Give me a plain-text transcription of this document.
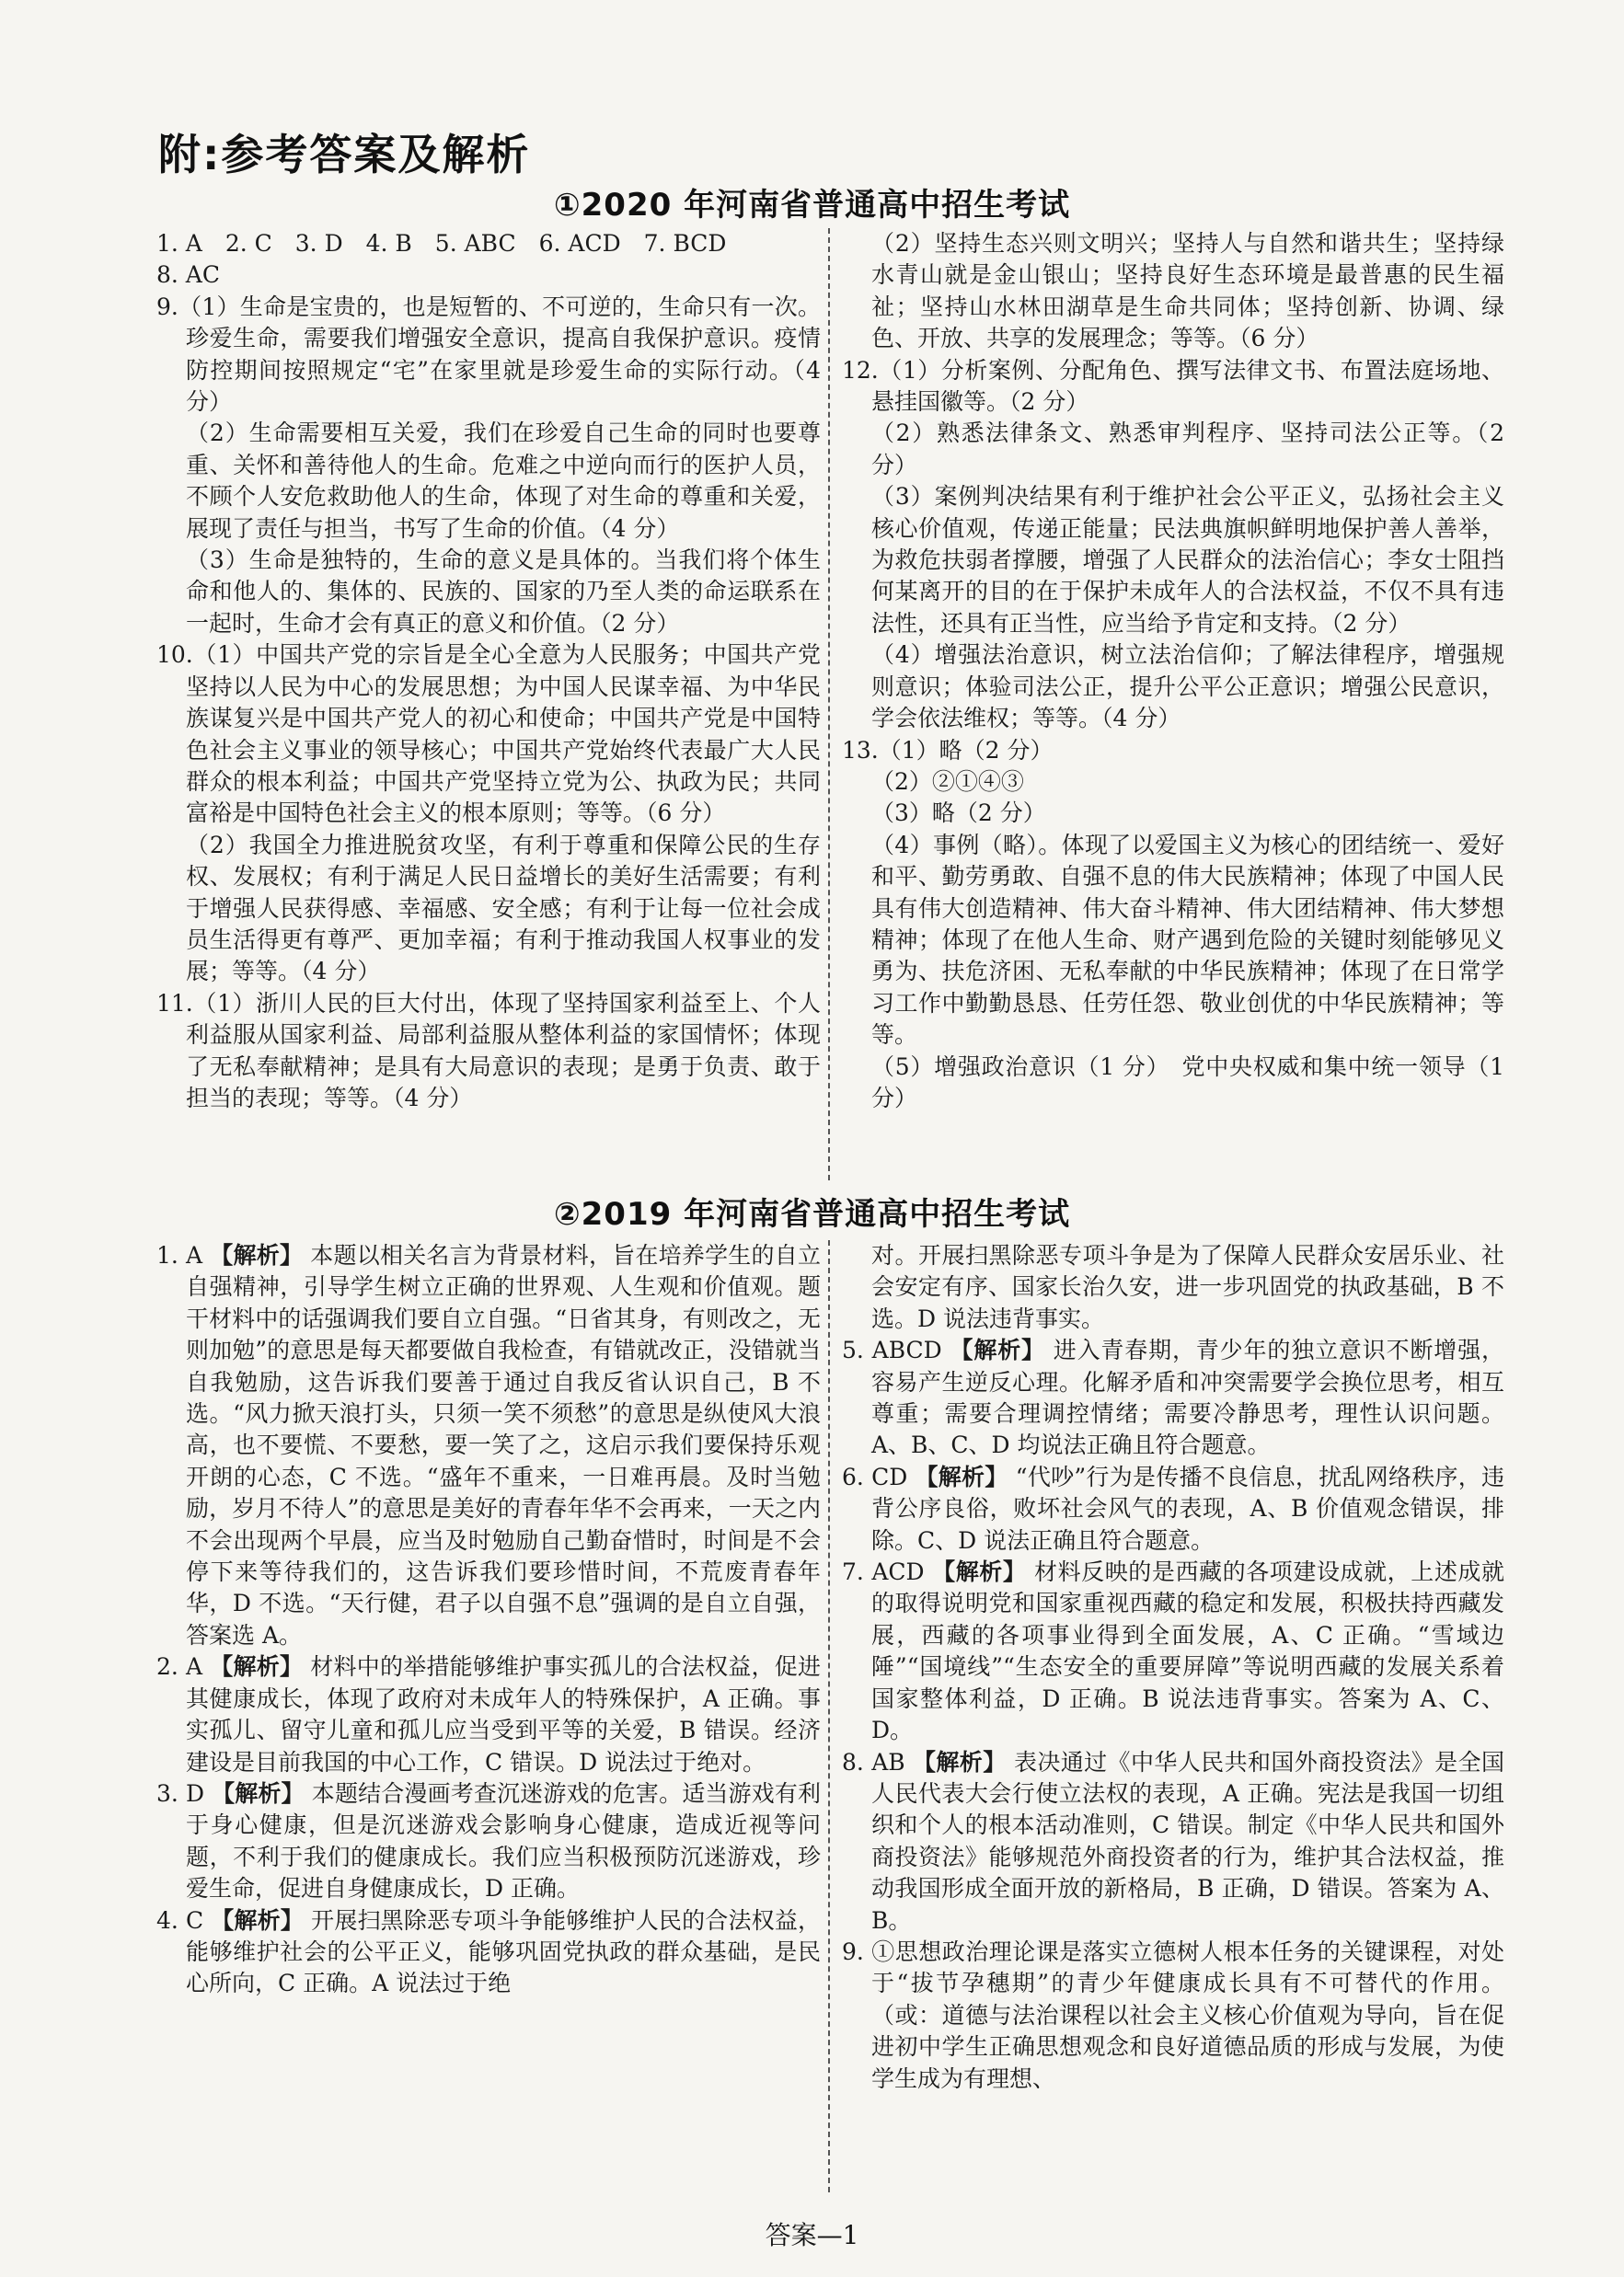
附:参考答案及解析
①2020 年河南省普通高中招生考试

1. A　2. C　3. D　4. B　5. ABC　6. ACD　7. BCD

8. AC

9.（1）生命是宝贵的，也是短暂的、不可逆的，生命只有一次。珍爱生命，需要我们增强安全意识，提高自我保护意识。疫情防控期间按照规定“宅”在家里就是珍爱生命的实际行动。（4 分）

（2）生命需要相互关爱，我们在珍爱自己生命的同时也要尊重、关怀和善待他人的生命。危难之中逆向而行的医护人员，不顾个人安危救助他人的生命，体现了对生命的尊重和关爱，展现了责任与担当，书写了生命的价值。（4 分）

（3）生命是独特的，生命的意义是具体的。当我们将个体生命和他人的、集体的、民族的、国家的乃至人类的命运联系在一起时，生命才会有真正的意义和价值。（2 分）

10.（1）中国共产党的宗旨是全心全意为人民服务；中国共产党坚持以人民为中心的发展思想；为中国人民谋幸福、为中华民族谋复兴是中国共产党人的初心和使命；中国共产党是中国特色社会主义事业的领导核心；中国共产党始终代表最广大人民群众的根本利益；中国共产党坚持立党为公、执政为民；共同富裕是中国特色社会主义的根本原则；等等。（6 分）

（2）我国全力推进脱贫攻坚，有利于尊重和保障公民的生存权、发展权；有利于满足人民日益增长的美好生活需要；有利于增强人民获得感、幸福感、安全感；有利于让每一位社会成员生活得更有尊严、更加幸福；有利于推动我国人权事业的发展；等等。（4 分）

11.（1）浙川人民的巨大付出，体现了坚持国家利益至上、个人利益服从国家利益、局部利益服从整体利益的家国情怀；体现了无私奉献精神；是具有大局意识的表现；是勇于负责、敢于担当的表现；等等。（4 分）

（2）坚持生态兴则文明兴；坚持人与自然和谐共生；坚持绿水青山就是金山银山；坚持良好生态环境是最普惠的民生福祉；坚持山水林田湖草是生命共同体；坚持创新、协调、绿色、开放、共享的发展理念；等等。（6 分）

12.（1）分析案例、分配角色、撰写法律文书、布置法庭场地、悬挂国徽等。（2 分）

（2）熟悉法律条文、熟悉审判程序、坚持司法公正等。（2 分）

（3）案例判决结果有利于维护社会公平正义，弘扬社会主义核心价值观，传递正能量；民法典旗帜鲜明地保护善人善举，为救危扶弱者撑腰，增强了人民群众的法治信心；李女士阻挡何某离开的目的在于保护未成年人的合法权益，不仅不具有违法性，还具有正当性，应当给予肯定和支持。（2 分）

（4）增强法治意识，树立法治信仰；了解法律程序，增强规则意识；体验司法公正，提升公平公正意识；增强公民意识，学会依法维权；等等。（4 分）

13.（1）略（2 分）

（2）②①④③

（3）略（2 分）

（4）事例（略）。体现了以爱国主义为核心的团结统一、爱好和平、勤劳勇敢、自强不息的伟大民族精神；体现了中国人民具有伟大创造精神、伟大奋斗精神、伟大团结精神、伟大梦想精神；体现了在他人生命、财产遇到危险的关键时刻能够见义勇为、扶危济困、无私奉献的中华民族精神；体现了在日常学习工作中勤勤恳恳、任劳任怨、敬业创优的中华民族精神；等等。

（5）增强政治意识（1 分）　党中央权威和集中统一领导（1 分）

②2019 年河南省普通高中招生考试

1. A 【解析】 本题以相关名言为背景材料，旨在培养学生的自立自强精神，引导学生树立正确的世界观、人生观和价值观。题干材料中的话强调我们要自立自强。“日省其身，有则改之，无则加勉”的意思是每天都要做自我检查，有错就改正，没错就当自我勉励，这告诉我们要善于通过自我反省认识自己，B 不选。“风力掀天浪打头，只须一笑不须愁”的意思是纵使风大浪高，也不要慌、不要愁，要一笑了之，这启示我们要保持乐观开朗的心态，C 不选。“盛年不重来，一日难再晨。及时当勉励，岁月不待人”的意思是美好的青春年华不会再来，一天之内不会出现两个早晨，应当及时勉励自己勤奋惜时，时间是不会停下来等待我们的，这告诉我们要珍惜时间，不荒废青春年华，D 不选。“天行健，君子以自强不息”强调的是自立自强，答案选 A。

2. A 【解析】 材料中的举措能够维护事实孤儿的合法权益，促进其健康成长，体现了政府对未成年人的特殊保护，A 正确。事实孤儿、留守儿童和孤儿应当受到平等的关爱，B 错误。经济建设是目前我国的中心工作，C 错误。D 说法过于绝对。

3. D 【解析】 本题结合漫画考查沉迷游戏的危害。适当游戏有利于身心健康，但是沉迷游戏会影响身心健康，造成近视等问题，不利于我们的健康成长。我们应当积极预防沉迷游戏，珍爱生命，促进自身健康成长，D 正确。

4. C 【解析】 开展扫黑除恶专项斗争能够维护人民的合法权益，能够维护社会的公平正义，能够巩固党执政的群众基础，是民心所向，C 正确。A 说法过于绝

对。开展扫黑除恶专项斗争是为了保障人民群众安居乐业、社会安定有序、国家长治久安，进一步巩固党的执政基础，B 不选。D 说法违背事实。

5. ABCD 【解析】 进入青春期，青少年的独立意识不断增强，容易产生逆反心理。化解矛盾和冲突需要学会换位思考，相互尊重；需要合理调控情绪；需要冷静思考，理性认识问题。A、B、C、D 均说法正确且符合题意。

6. CD 【解析】 “代吵”行为是传播不良信息，扰乱网络秩序，违背公序良俗，败坏社会风气的表现，A、B 价值观念错误，排除。C、D 说法正确且符合题意。

7. ACD 【解析】 材料反映的是西藏的各项建设成就，上述成就的取得说明党和国家重视西藏的稳定和发展，积极扶持西藏发展，西藏的各项事业得到全面发展，A、C 正确。“雪域边陲”“国境线”“生态安全的重要屏障”等说明西藏的发展关系着国家整体利益，D 正确。B 说法违背事实。答案为 A、C、D。

8. AB 【解析】 表决通过《中华人民共和国外商投资法》是全国人民代表大会行使立法权的表现，A 正确。宪法是我国一切组织和个人的根本活动准则，C 错误。制定《中华人民共和国外商投资法》能够规范外商投资者的行为，维护其合法权益，推动我国形成全面开放的新格局，B 正确，D 错误。答案为 A、B。

9. ①思想政治理论课是落实立德树人根本任务的关键课程，对处于“拔节孕穗期”的青少年健康成长具有不可替代的作用。（或：道德与法治课程以社会主义核心价值观为导向，旨在促进初中学生正确思想观念和良好道德品质的形成与发展，为使学生成为有理想、

答案—1
